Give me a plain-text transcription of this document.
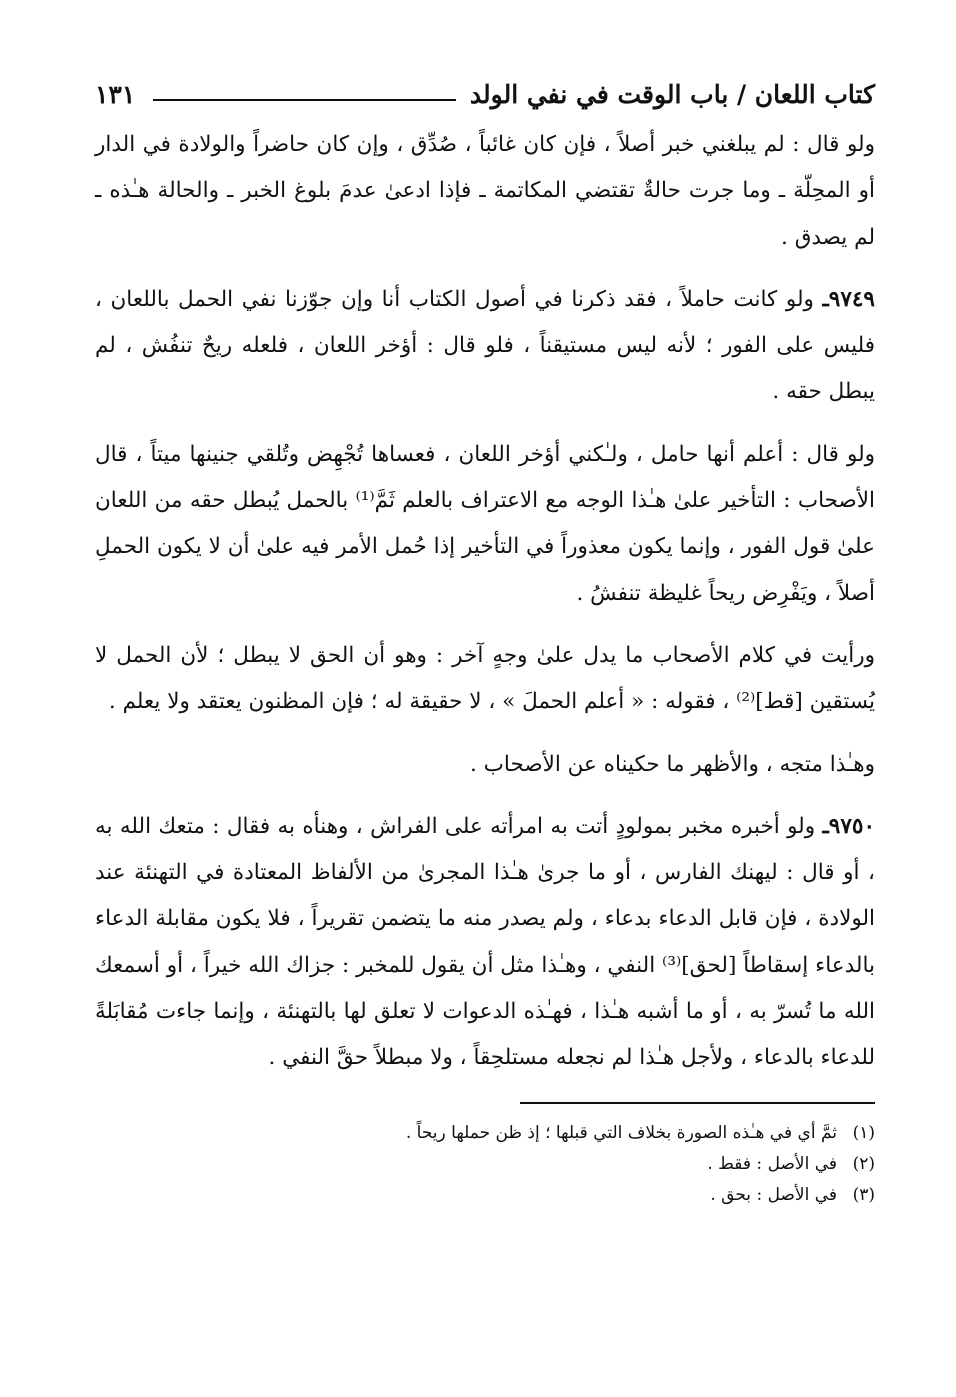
كتاب اللعان / باب الوقت في نفي الولد
١٣١

ولو قال : لم يبلغني خبر أصلاً ، فإن كان غائباً ، صُدِّق ، وإن كان حاضراً والولادة في الدار أو المحِلّة ـ وما جرت حالةٌ تقتضي المكاتمة ـ فإذا ادعىٰ عدمَ بلوغ الخبر ـ والحالة هـٰذه ـ لم يصدق .

٩٧٤٩ـ ولو كانت حاملاً ، فقد ذكرنا في أصول الكتاب أنا وإن جوّزنا نفي الحمل باللعان ، فليس على الفور ؛ لأنه ليس مستيقناً ، فلو قال : أؤخر اللعان ، فلعله ريحٌ تنفُش ، لم يبطل حقه .

ولو قال : أعلم أنها حامل ، ولـٰكني أؤخر اللعان ، فعساها تُجْهِض وتُلقي جنينها ميتاً ، قال الأصحاب : التأخير علىٰ هـٰذا الوجه مع الاعتراف بالعلم ثَمَّ⁽¹⁾ بالحمل يُبطل حقه من اللعان علىٰ قول الفور ، وإنما يكون معذوراً في التأخير إذا حُمل الأمر فيه علىٰ أن لا يكون الحملِ أصلاً ، ويَفْرِض ريحاً غليظة تنفشُ .

ورأيت في كلام الأصحاب ما يدل علىٰ وجهٍ آخر : وهو أن الحق لا يبطل ؛ لأن الحمل لا يُستقين [قط]⁽²⁾ ، فقوله : « أعلم الحملَ » ، لا حقيقة له ؛ فإن المظنون يعتقد ولا يعلم .

وهـٰذا متجه ، والأظهر ما حكيناه عن الأصحاب .

٩٧٥٠ـ ولو أخبره مخبر بمولودٍ أتت به امرأته على الفراش ، وهنأه به فقال : متعك الله به ، أو قال : ليهنك الفارس ، أو ما جرىٰ هـٰذا المجرىٰ من الألفاظ المعتادة في التهنئة عند الولادة ، فإن قابل الدعاء بدعاء ، ولم يصدر منه ما يتضمن تقريراً ، فلا يكون مقابلة الدعاء بالدعاء إسقاطاً [لحق]⁽³⁾ النفي ، وهـٰذا مثل أن يقول للمخبر : جزاك الله خيراً ، أو أسمعك الله ما تُسرّ به ، أو ما أشبه هـٰذا ، فهـٰذه الدعوات لا تعلق لها بالتهنئة ، وإنما جاءت مُقابَلةً للدعاء بالدعاء ، ولأجل هـٰذا لم نجعله مستلحِقاً ، ولا مبطلاً حقَّ النفي .

(١)
ثمَّ أي في هـٰذه الصورة بخلاف التي قبلها ؛ إذ ظن حملها ريحاً .
(٢)
في الأصل : فقط .
(٣)
في الأصل : بحق .
